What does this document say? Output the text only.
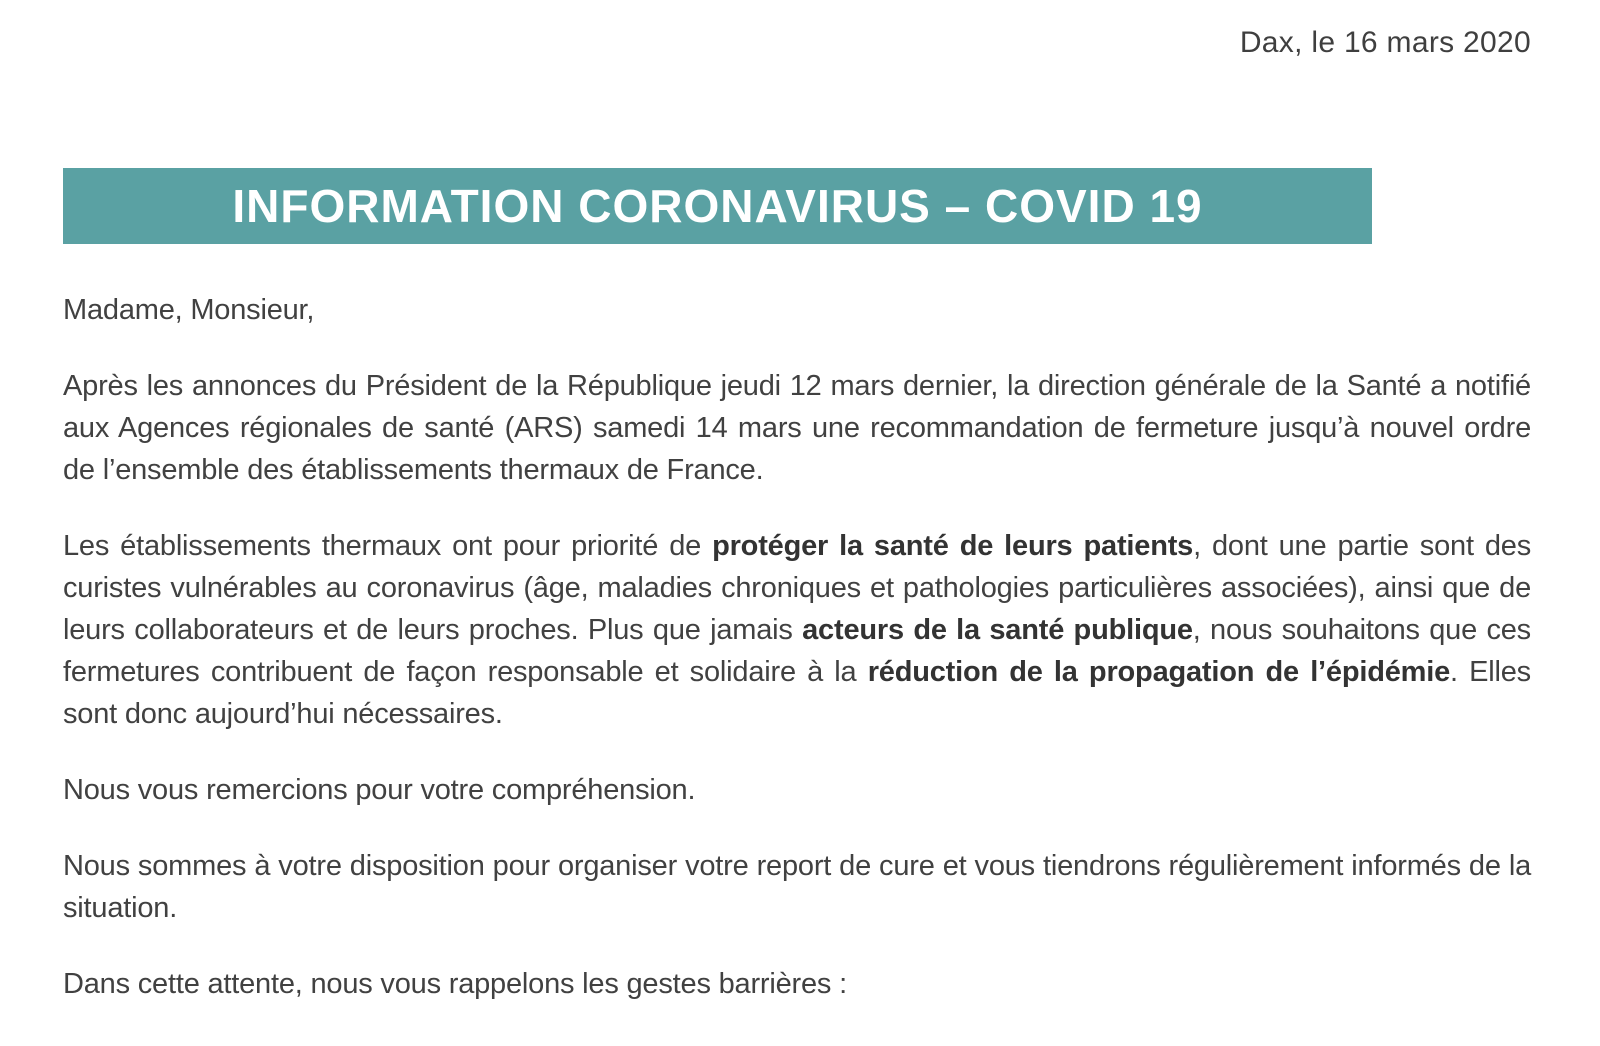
Dax, le 16 mars 2020
INFORMATION CORONAVIRUS – COVID 19

Madame, Monsieur,

Après les annonces du Président de la République jeudi 12 mars dernier, la direction générale de la Santé a notifié aux Agences régionales de santé (ARS) samedi 14 mars une recommandation de fermeture jusqu’à nouvel ordre de l’ensemble des établissements thermaux de France.

Les établissements thermaux ont pour priorité de protéger la santé de leurs patients, dont une partie sont des curistes vulnérables au coronavirus (âge, maladies chroniques et pathologies particulières associées), ainsi que de leurs collaborateurs et de leurs proches. Plus que jamais acteurs de la santé publique, nous souhaitons que ces fermetures contribuent de façon responsable et solidaire à la réduction de la propagation de l’épidémie. Elles sont donc aujourd’hui nécessaires.

Nous vous remercions pour votre compréhension.

Nous sommes à votre disposition pour organiser votre report de cure et vous tiendrons régulièrement informés de la situation.

Dans cette attente, nous vous rappelons les gestes barrières :
